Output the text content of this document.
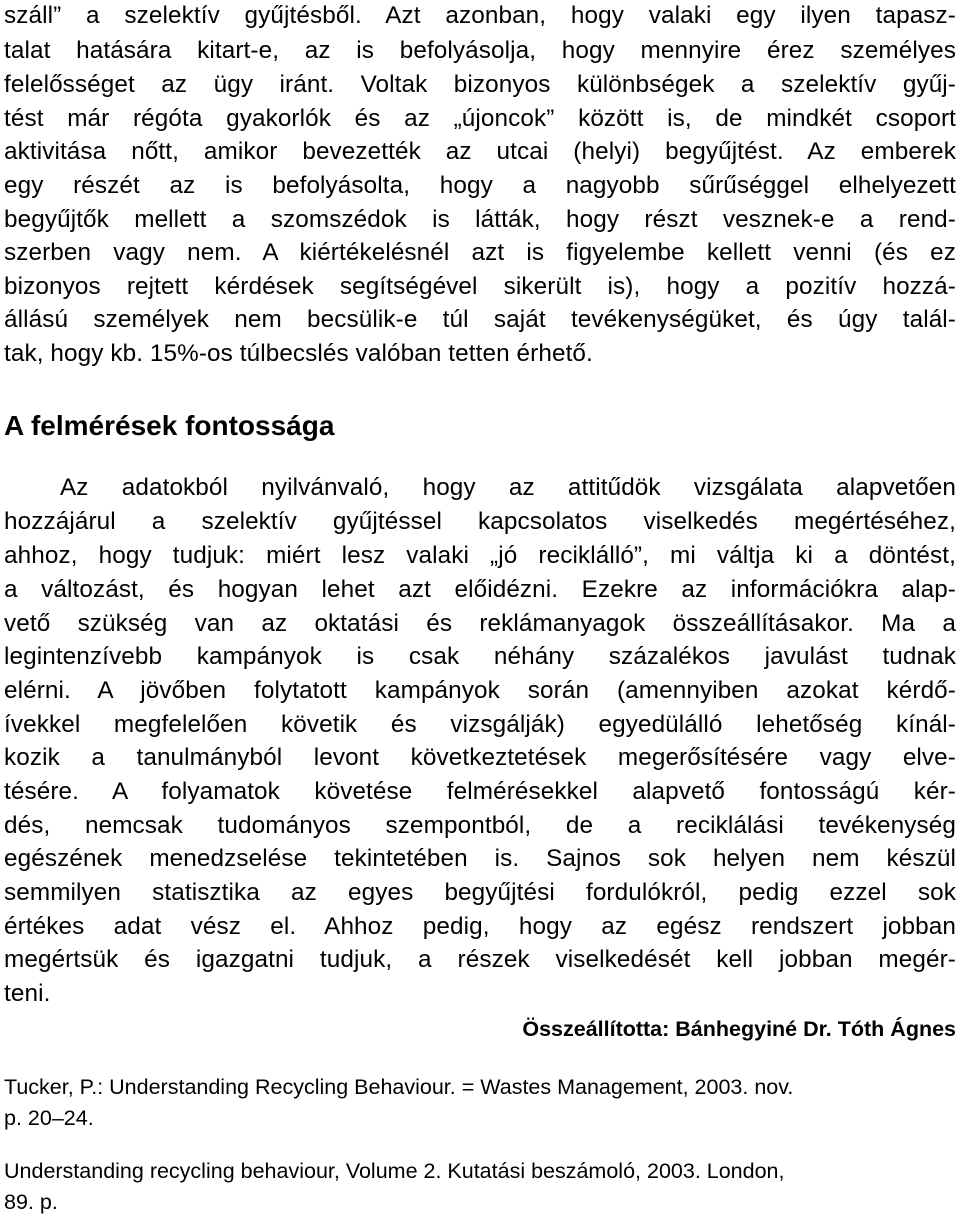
száll” a szelektív gyűjtésből. Azt azonban, hogy valaki egy ilyen tapasz-
talat hatására kitart-e, az is befolyásolja, hogy mennyire érez személyes
felelősséget az ügy iránt. Voltak bizonyos különbségek a szelektív gyűj-
tést már régóta gyakorlók és az „újoncok” között is, de mindkét csoport
aktivitása nőtt, amikor bevezették az utcai (helyi) begyűjtést. Az emberek
egy részét az is befolyásolta, hogy a nagyobb sűrűséggel elhelyezett
begyűjtők mellett a szomszédok is látták, hogy részt vesznek-e a rend-
szerben vagy nem. A kiértékelésnél azt is figyelembe kellett venni (és ez
bizonyos rejtett kérdések segítségével sikerült is), hogy a pozitív hozzá-
állású személyek nem becsülik-e túl saját tevékenységüket, és úgy talál-
tak, hogy kb. 15%-os túlbecslés valóban tetten érhető.
A felmérések fontossága
Az adatokból nyilvánvaló, hogy az attitűdök vizsgálata alapvetően
hozzájárul a szelektív gyűjtéssel kapcsolatos viselkedés megértéséhez,
ahhoz, hogy tudjuk: miért lesz valaki „jó reciklálló”, mi váltja ki a döntést,
a változást, és hogyan lehet azt előidézni. Ezekre az információkra alap-
vető szükség van az oktatási és reklámanyagok összeállításakor. Ma a
legintenzívebb kampányok is csak néhány százalékos javulást tudnak
elérni. A jövőben folytatott kampányok során (amennyiben azokat kérdő-
ívekkel megfelelően követik és vizsgálják) egyedülálló lehetőség kínál-
kozik a tanulmányból levont következtetések megerősítésére vagy elve-
tésére. A folyamatok követése felmérésekkel alapvető fontosságú kér-
dés, nemcsak tudományos szempontból, de a reciklálási tevékenység
egészének menedzselése tekintetében is. Sajnos sok helyen nem készül
semmilyen statisztika az egyes begyűjtési fordulókról, pedig ezzel sok
értékes adat vész el. Ahhoz pedig, hogy az egész rendszert jobban
megértsük és igazgatni tudjuk, a részek viselkedését kell jobban megér-
teni.
Összeállította: Bánhegyiné Dr. Tóth Ágnes
Tucker, P.: Understanding Recycling Behaviour. = Wastes Management, 2003. nov.
p. 20–24.
Understanding recycling behaviour, Volume 2. Kutatási beszámoló, 2003. London,
89. p.
